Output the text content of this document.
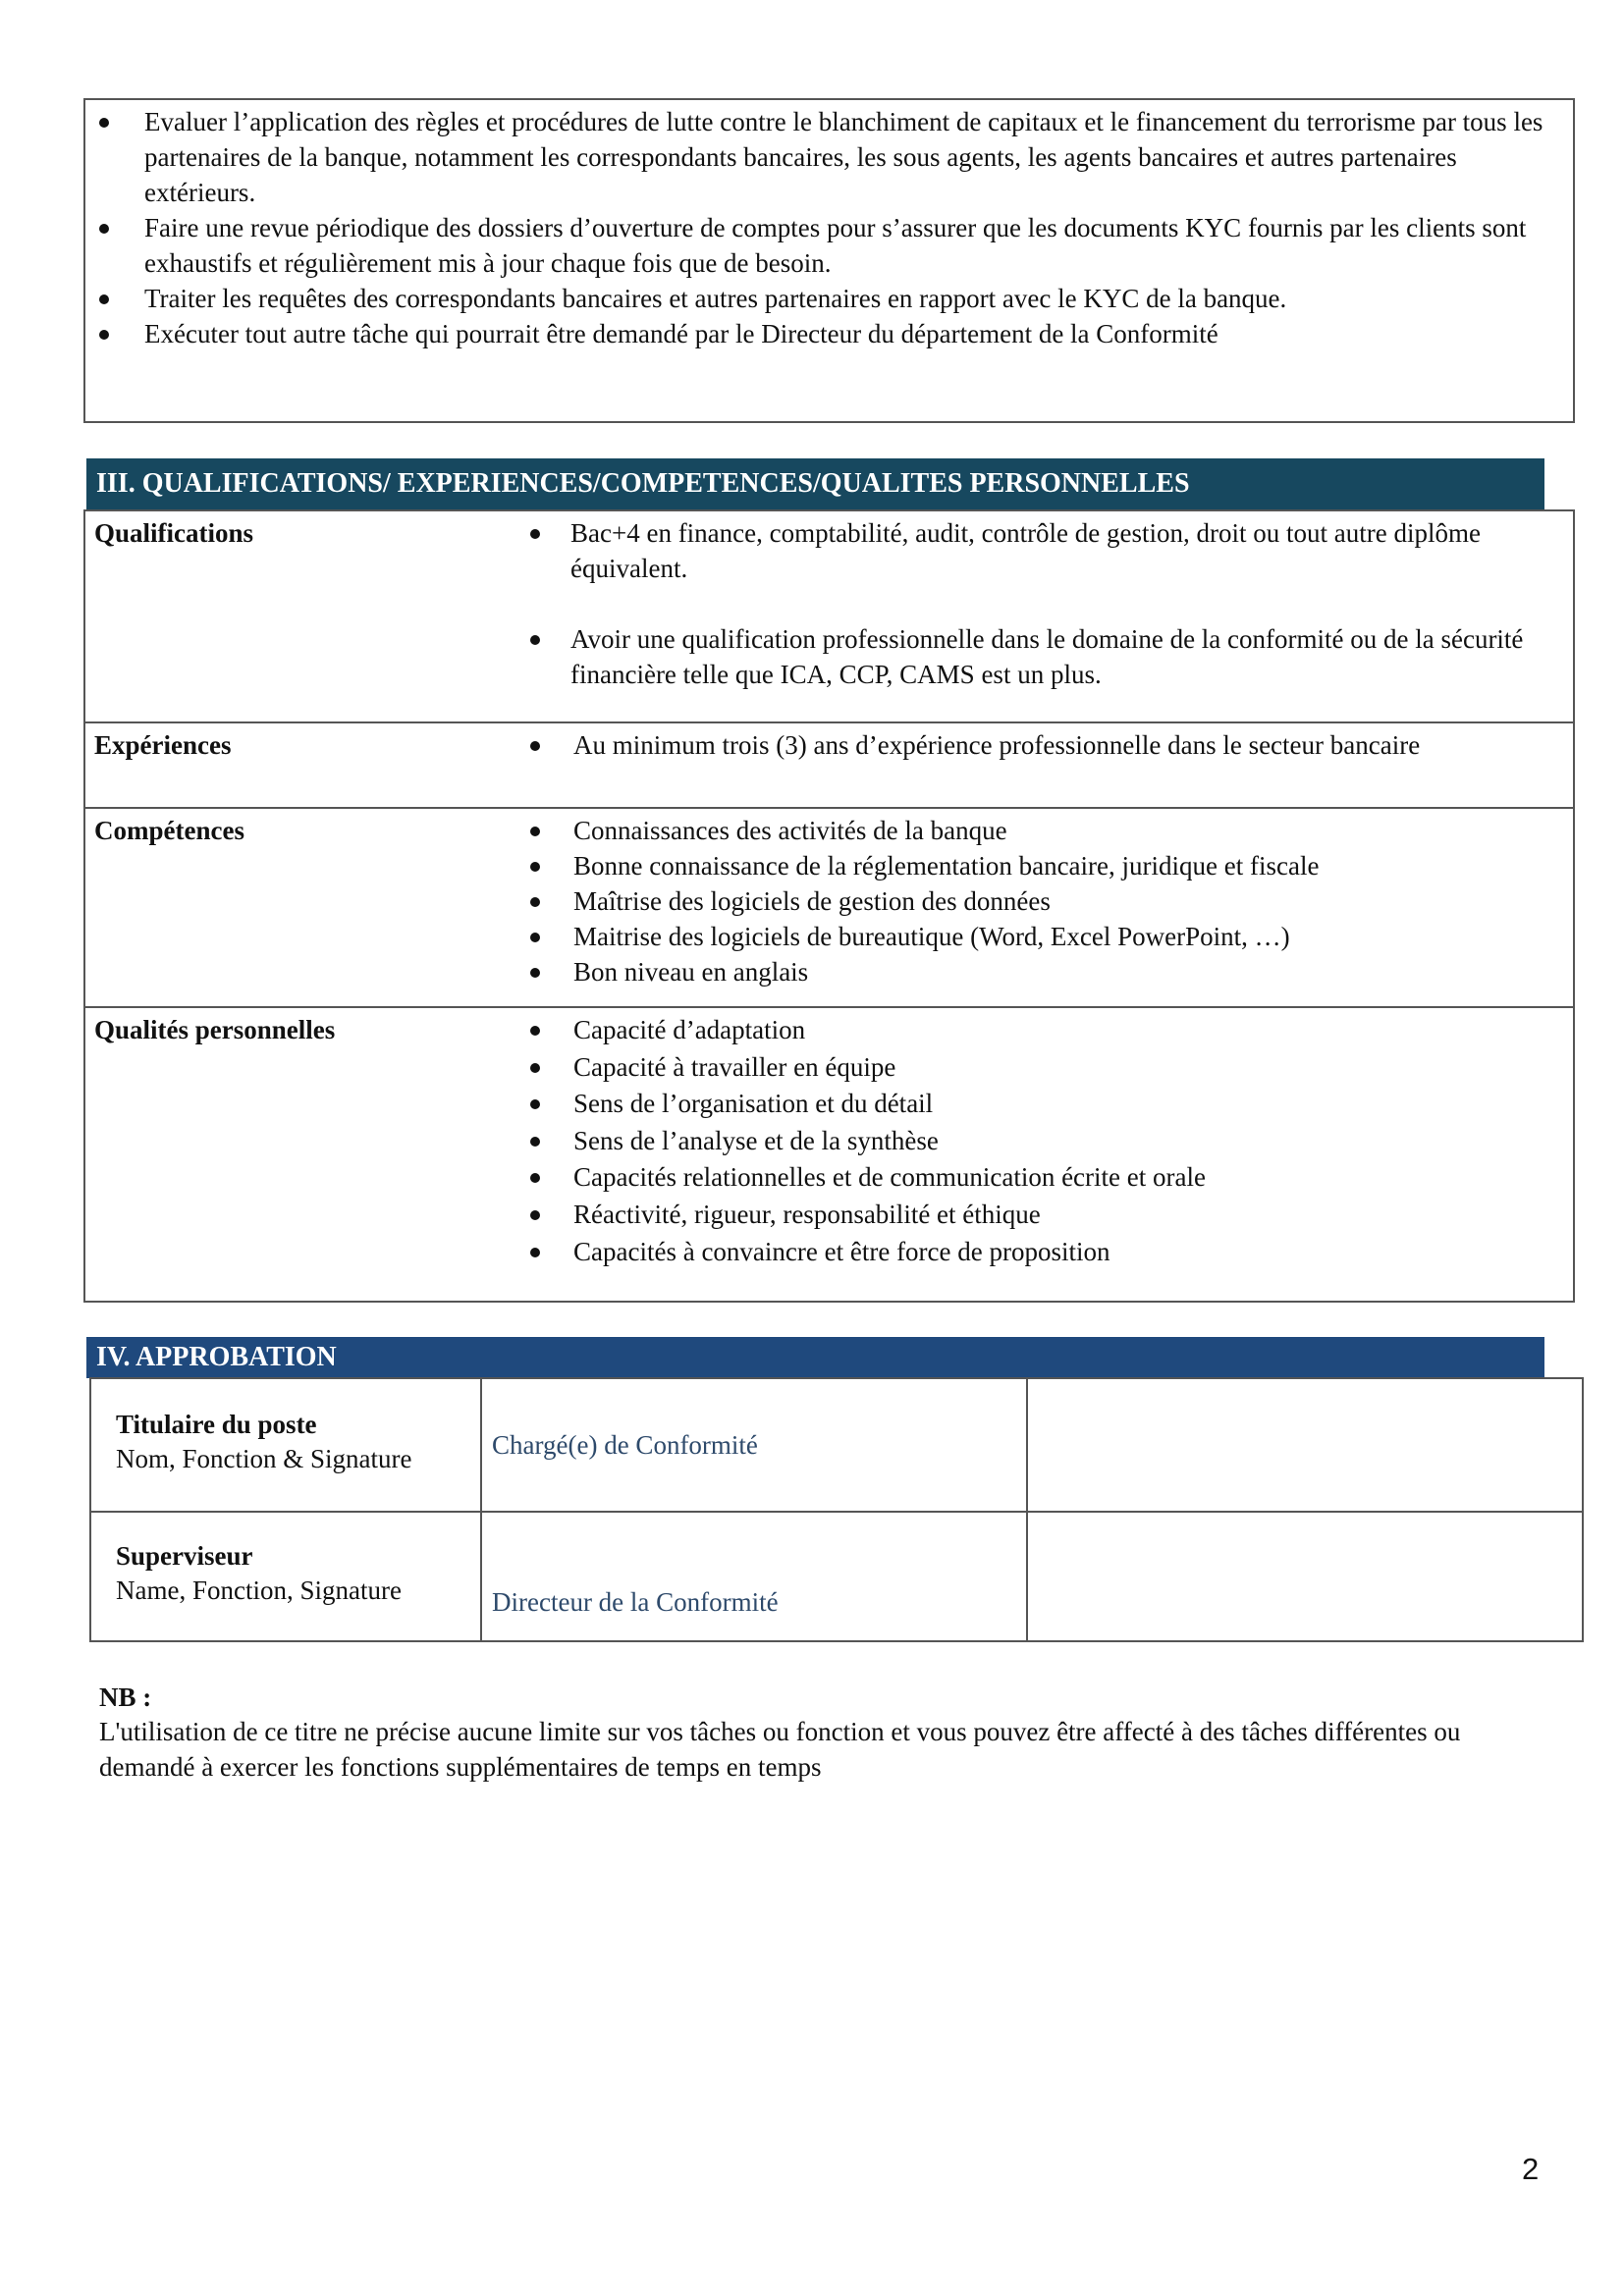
Evaluer l’application des règles et procédures de lutte contre le blanchiment de capitaux et le financement du terrorisme par tous les partenaires de la banque, notamment les correspondants bancaires, les sous agents, les agents bancaires et autres partenaires extérieurs.
Faire une revue périodique des dossiers d’ouverture de comptes pour s’assurer que les documents KYC fournis par les clients sont exhaustifs et régulièrement mis à jour chaque fois que de besoin.
Traiter les requêtes des correspondants bancaires et autres partenaires en rapport avec le KYC de la banque.
Exécuter tout autre tâche qui pourrait être demandé par le Directeur du département de la Conformité
III. QUALIFICATIONS/ EXPERIENCES/COMPETENCES/QUALITES PERSONNELLES
Qualifications	Bac+4 en finance, comptabilité, audit, contrôle de gestion, droit ou tout autre diplôme équivalent.
Avoir une qualification professionnelle dans le domaine de la conformité ou de la sécurité financière telle que ICA, CCP, CAMS est un plus.
Expériences	Au minimum trois (3) ans d’expérience professionnelle dans le secteur bancaire
Compétences	Connaissances des activités de la banque
Bonne connaissance de la réglementation bancaire, juridique et fiscale
Maîtrise des logiciels de gestion des données
Maitrise des logiciels de bureautique (Word, Excel PowerPoint, …)
Bon niveau en anglais
Qualités personnelles	Capacité d’adaptation
Capacité à travailler en équipe
Sens de l’organisation et du détail
Sens de l’analyse et de la synthèse
Capacités relationnelles et de communication écrite et orale
Réactivité, rigueur, responsabilité et éthique
Capacités à convaincre et être force de proposition
IV. APPROBATION
Titulaire du poste
Nom, Fonction & Signature	Chargé(e) de Conformité
Superviseur
Name, Fonction, Signature	Directeur de la Conformité
NB :
L'utilisation de ce titre ne précise aucune limite sur vos tâches ou fonction et vous pouvez être affecté à des tâches différentes ou demandé à exercer les fonctions supplémentaires de temps en temps
2
